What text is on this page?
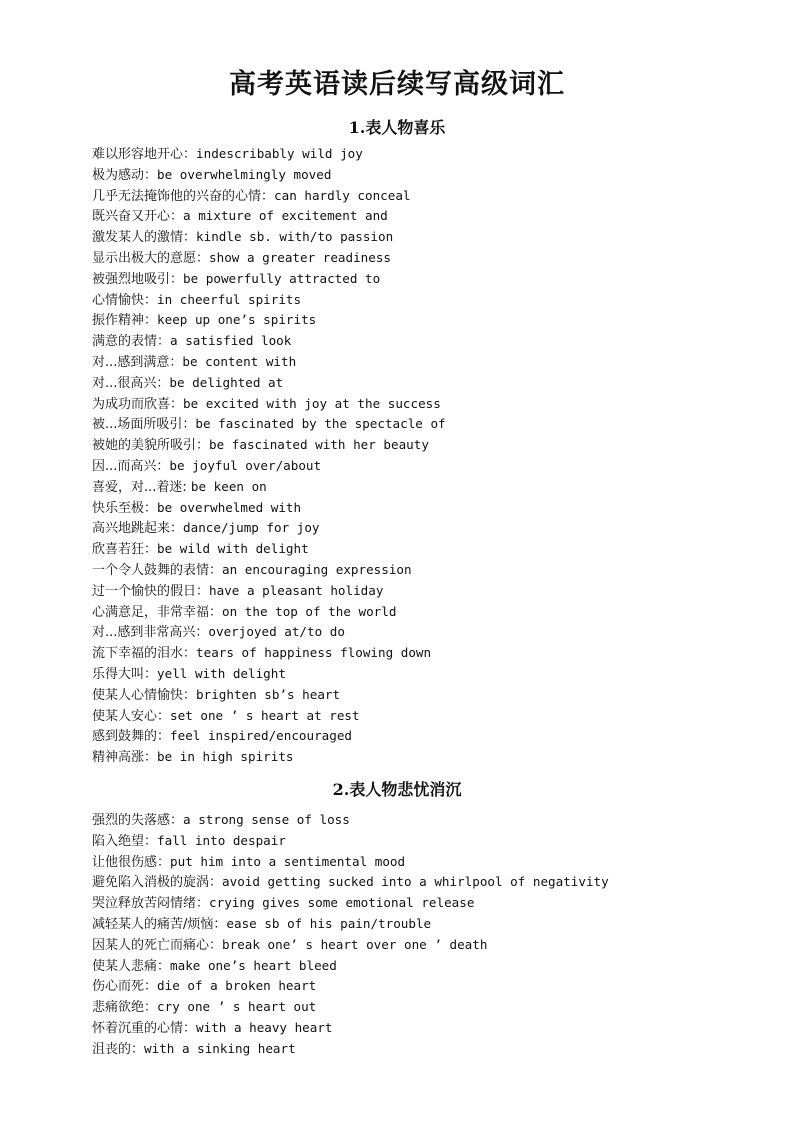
高考英语读后续写高级词汇
1.表人物喜乐
难以形容地开心：indescribably wild joy
极为感动：be overwhelmingly moved
几乎无法掩饰他的兴奋的心情：can hardly conceal
既兴奋又开心：a mixture of excitement and
激发某人的激情：kindle sb. with/to passion
显示出极大的意愿：show a greater readiness
被强烈地吸引：be powerfully attracted to
心情愉快：in cheerful spirits
振作精神：keep up one’s spirits
满意的表情：a satisfied look
对...感到满意：be content with
对...很高兴：be delighted at
为成功而欣喜：be excited with joy at the success
被...场面所吸引：be fascinated by the spectacle of
被她的美貌所吸引：be fascinated with her beauty
因...而高兴：be joyful over/about
喜爱，对...着迷: be keen on
快乐至极：be overwhelmed with
高兴地跳起来：dance/jump for joy
欣喜若狂：be wild with delight
一个令人鼓舞的表情：an encouraging expression
过一个愉快的假日：have a pleasant holiday
心满意足，非常幸福：on the top of the world
对...感到非常高兴：overjoyed at/to do
流下幸福的泪水：tears of happiness flowing down
乐得大叫：yell with delight
使某人心情愉快：brighten sb’s heart
使某人安心：set one ’ s heart at rest
感到鼓舞的：feel inspired/encouraged
精神高涨：be in high spirits
2.表人物悲忧消沉
强烈的失落感：a strong sense of loss
陷入绝望：fall into despair
让他很伤感：put him into a sentimental mood
避免陷入消极的旋涡：avoid getting sucked into a whirlpool of negativity
哭泣释放苦闷情绪：crying gives some emotional release
减轻某人的痛苦/烦恼：ease sb of his pain/trouble
因某人的死亡而痛心：break one’ s heart over one ’ death
使某人悲痛：make one’s heart bleed
伤心而死：die of a broken heart
悲痛欲绝：cry one ’ s heart out
怀着沉重的心情：with a heavy heart
沮丧的：with a sinking heart
